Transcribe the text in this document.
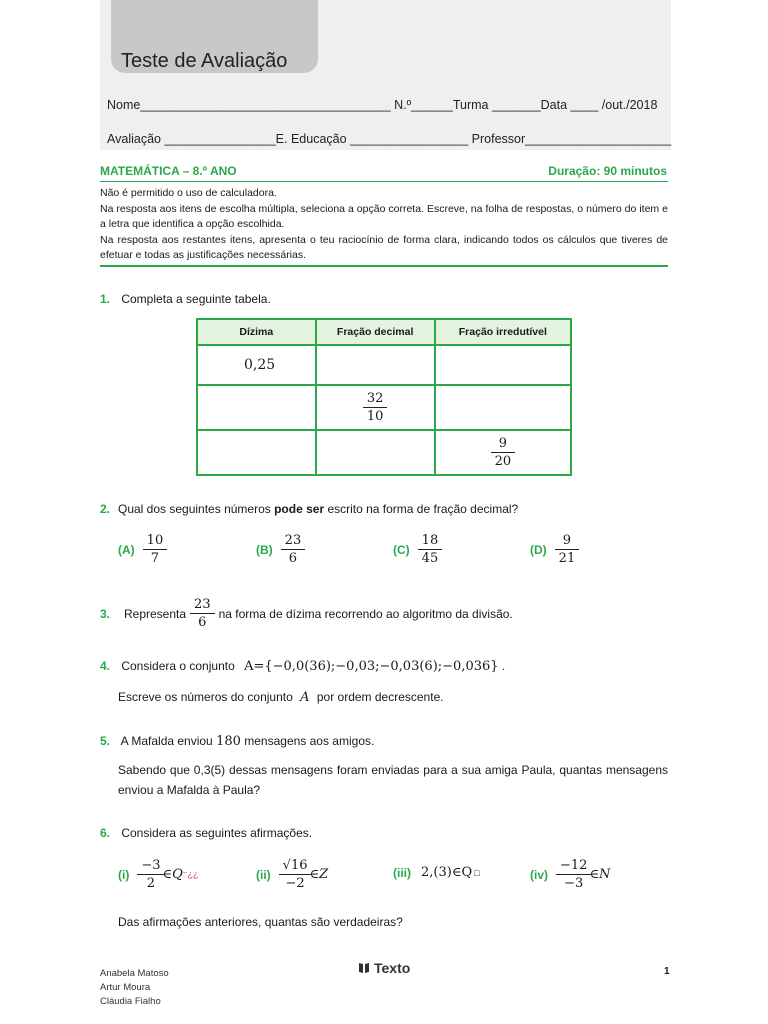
Teste de Avaliação
Nome____________________________________ N.º______Turma _______Data ____ /out./2018
Avaliação ________________E. Educação _________________ Professor_____________________
MATEMÁTICA – 8.º ANO	Duração: 90 minutos

Não é permitido o uso de calculadora.

Na resposta aos itens de escolha múltipla, seleciona a opção correta. Escreve, na folha de respostas, o número do item e a letra que identifica a opção escolhida.

Na resposta aos restantes itens, apresenta o teu raciocínio de forma clara, indicando todos os cálculos que tiveres de efetuar e todas as justificações necessárias.

1. Completa a seguinte tabela.
Dízima	Fração decimal	Fração irredutível
0,25		

	$\frac{32}{10}$

		$\frac{9}{20}$
2. Qual dos seguintes números pode ser escrito na forma de fração decimal?
$(A) \frac{10}{7}$	$(B) \frac{23}{6}$	$(C) \frac{18}{45}$	$(D) \frac{9}{21}$
3.	Representa $\frac{23}{6}$ na forma de dízima recorrendo ao algoritmo da divisão.
4. Considera o conjunto A={−0,0(36);−0,03;−0,03(6);−0,036} .
Escreve os números do conjunto A por ordem decrescente.
5. A Mafalda enviou 180 mensagens aos amigos.
Sabendo que 0,3(5) dessas mensagens foram enviadas para a sua amiga Paula, quantas mensagens enviou a Mafalda à Paula?
6. Considera as seguintes afirmações.
$(i) \frac{-3}{2}$ ∈Q ⁻¿¿	$(ii) \frac{√16}{-2}$ ∈Z	(iii) 2,(3)∈Q □	$(iv) \frac{-12}{-3}$ ∈N
Das afirmações anteriores, quantas são verdadeiras?
Anabela Matoso
Artur Moura
Cláudia Fialho
Texto	1
